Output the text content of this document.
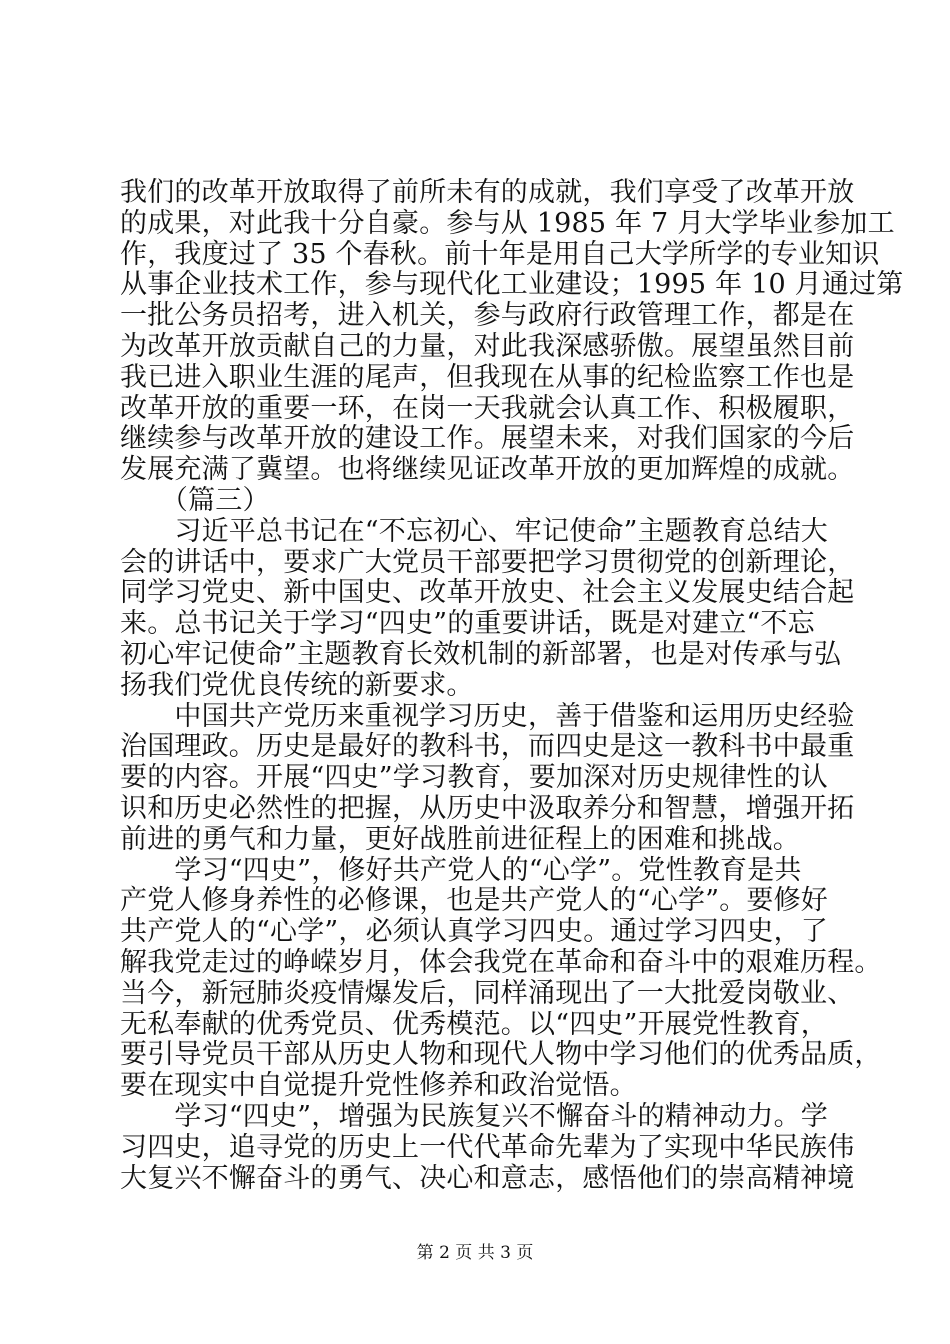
我们的改革开放取得了前所未有的成就，我们享受了改革开放
的成果，对此我十分自豪。参与从 1985 年 7 月大学毕业参加工
作，我度过了 35 个春秋。前十年是用自己大学所学的专业知识
从事企业技术工作，参与现代化工业建设；1995 年 10 月通过第
一批公务员招考，进入机关，参与政府行政管理工作，都是在
为改革开放贡献自己的力量，对此我深感骄傲。展望虽然目前
我已进入职业生涯的尾声，但我现在从事的纪检监察工作也是
改革开放的重要一环，在岗一天我就会认真工作、积极履职，
继续参与改革开放的建设工作。展望未来，对我们国家的今后
发展充满了冀望。也将继续见证改革开放的更加辉煌的成就。
　　（篇三）
　　习近平总书记在“不忘初心、牢记使命”主题教育总结大
会的讲话中，要求广大党员干部要把学习贯彻党的创新理论，
同学习党史、新中国史、改革开放史、社会主义发展史结合起
来。总书记关于学习“四史”的重要讲话，既是对建立“不忘
初心牢记使命”主题教育长效机制的新部署，也是对传承与弘
扬我们党优良传统的新要求。
　　中国共产党历来重视学习历史，善于借鉴和运用历史经验
治国理政。历史是最好的教科书，而四史是这一教科书中最重
要的内容。开展“四史”学习教育，要加深对历史规律性的认
识和历史必然性的把握，从历史中汲取养分和智慧，增强开拓
前进的勇气和力量，更好战胜前进征程上的困难和挑战。
　　学习“四史”，修好共产党人的“心学”。党性教育是共
产党人修身养性的必修课，也是共产党人的“心学”。要修好
共产党人的“心学”，必须认真学习四史。通过学习四史，了
解我党走过的峥嵘岁月，体会我党在革命和奋斗中的艰难历程。
当今，新冠肺炎疫情爆发后，同样涌现出了一大批爱岗敬业、
无私奉献的优秀党员、优秀模范。以“四史”开展党性教育，
要引导党员干部从历史人物和现代人物中学习他们的优秀品质，
要在现实中自觉提升党性修养和政治觉悟。
　　学习“四史”，增强为民族复兴不懈奋斗的精神动力。学
习四史，追寻党的历史上一代代革命先辈为了实现中华民族伟
大复兴不懈奋斗的勇气、决心和意志，感悟他们的崇高精神境
第 2 页 共 3 页
